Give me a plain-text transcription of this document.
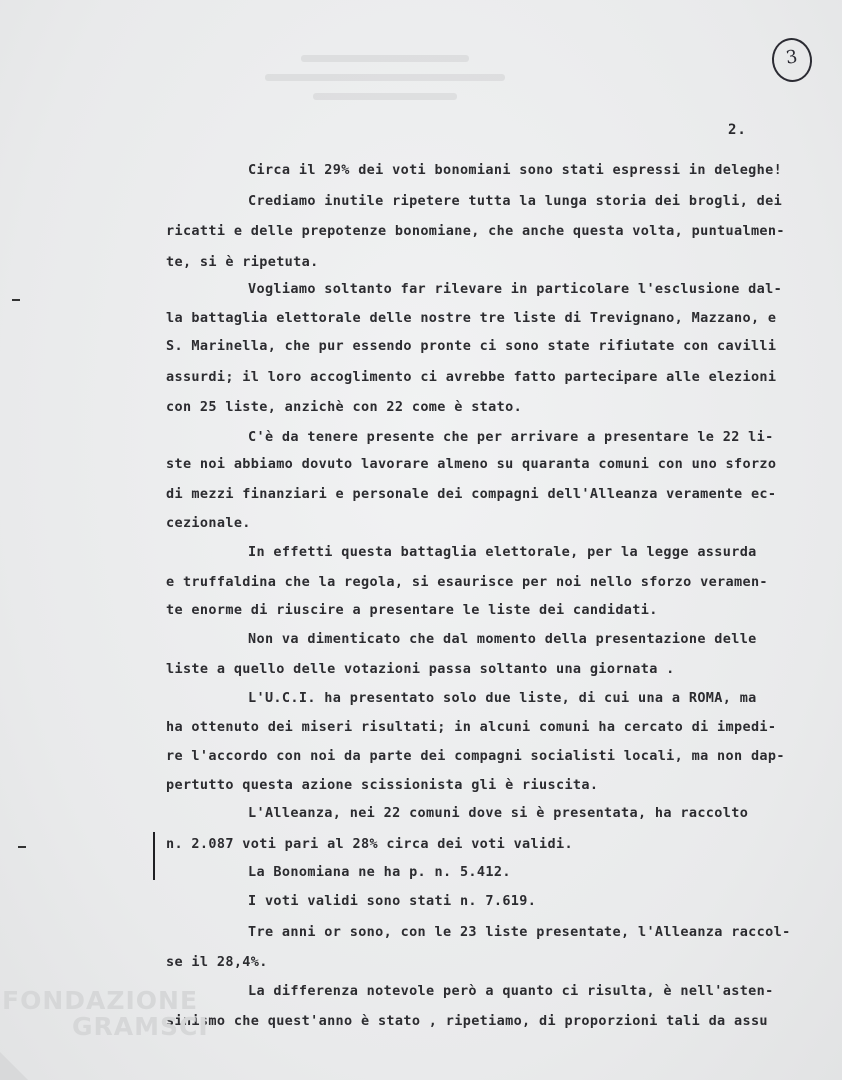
3
2.
Circa il 29% dei voti bonomiani sono stati espressi in deleghe!
Crediamo inutile ripetere tutta la lunga storia dei brogli, dei
ricatti e delle prepotenze bonomiane, che anche questa volta, puntualmen-
te, si è ripetuta.
Vogliamo soltanto far rilevare in particolare l'esclusione dal-
la battaglia elettorale delle nostre tre liste di Trevignano, Mazzano, e
S. Marinella, che pur essendo pronte ci sono state rifiutate con cavilli
assurdi; il loro accoglimento ci avrebbe fatto partecipare alle elezioni
con 25 liste, anzichè con 22 come è stato.
C'è da tenere presente che per arrivare a presentare le 22 li-
ste noi abbiamo dovuto lavorare almeno su quaranta comuni con uno sforzo
di mezzi finanziari e personale dei compagni dell'Alleanza veramente ec-
cezionale.
In effetti questa battaglia elettorale, per la legge assurda
e truffaldina che la regola, si esaurisce per noi nello sforzo veramen-
te enorme di riuscire a presentare le liste dei candidati.
Non va dimenticato che dal momento della presentazione delle
liste a quello delle votazioni passa soltanto una giornata .
L'U.C.I. ha presentato solo due liste, di cui una a ROMA, ma
ha ottenuto dei miseri risultati; in alcuni comuni ha cercato di impedi-
re l'accordo con noi da parte dei compagni socialisti locali, ma non dap-
pertutto questa azione scissionista gli è riuscita.
L'Alleanza, nei 22 comuni dove si è presentata, ha raccolto
n. 2.087 voti pari al 28% circa dei voti validi.
La Bonomiana ne ha p. n. 5.412.
I voti validi sono stati n. 7.619.
Tre anni or sono, con le 23 liste presentate, l'Alleanza raccol-
se il 28,4%.
La differenza notevole però a quanto ci risulta, è nell'asten-
sinismo che quest'anno è stato , ripetiamo, di proporzioni tali da assu
FONDAZIONE
GRAMSCI
